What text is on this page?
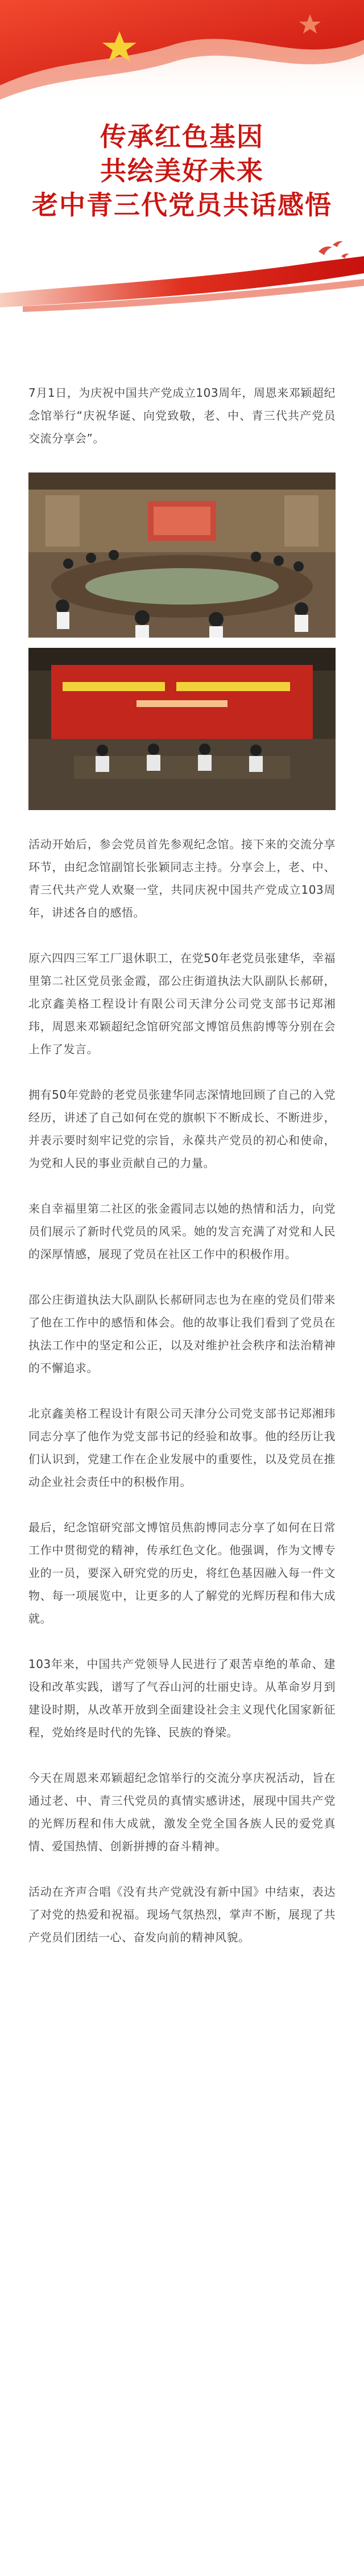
传承红色基因
共绘美好未来
老中青三代党员共话感悟

7月1日，为庆祝中国共产党成立103周年，周恩来邓颖超纪念馆举行“庆祝华诞、向党致敬，老、中、青三代共产党员交流分享会”。

活动开始后，参会党员首先参观纪念馆。接下来的交流分享环节，由纪念馆副馆长张颖同志主持。分享会上，老、中、青三代共产党人欢聚一堂，共同庆祝中国共产党成立103周年，讲述各自的感悟。

原六四四三军工厂退休职工，在党50年老党员张建华，幸福里第二社区党员张金霞，邵公庄街道执法大队副队长郝研，北京鑫美格工程设计有限公司天津分公司党支部书记郑湘玮，周恩来邓颖超纪念馆研究部文博馆员焦韵博等分别在会上作了发言。

拥有50年党龄的老党员张建华同志深情地回顾了自己的入党经历，讲述了自己如何在党的旗帜下不断成长、不断进步，并表示要时刻牢记党的宗旨，永葆共产党员的初心和使命，为党和人民的事业贡献自己的力量。

来自幸福里第二社区的张金霞同志以她的热情和活力，向党员们展示了新时代党员的风采。她的发言充满了对党和人民的深厚情感，展现了党员在社区工作中的积极作用。

邵公庄街道执法大队副队长郝研同志也为在座的党员们带来了他在工作中的感悟和体会。他的故事让我们看到了党员在执法工作中的坚定和公正，以及对维护社会秩序和法治精神的不懈追求。

北京鑫美格工程设计有限公司天津分公司党支部书记郑湘玮同志分享了他作为党支部书记的经验和故事。他的经历让我们认识到，党建工作在企业发展中的重要性，以及党员在推动企业社会责任中的积极作用。

最后，纪念馆研究部文博馆员焦韵博同志分享了如何在日常工作中贯彻党的精神，传承红色文化。他强调，作为文博专业的一员，要深入研究党的历史，将红色基因融入每一件文物、每一项展览中，让更多的人了解党的光辉历程和伟大成就。

103年来，中国共产党领导人民进行了艰苦卓绝的革命、建设和改革实践，谱写了气吞山河的壮丽史诗。从革命岁月到建设时期，从改革开放到全面建设社会主义现代化国家新征程，党始终是时代的先锋、民族的脊梁。

今天在周恩来邓颖超纪念馆举行的交流分享庆祝活动，旨在通过老、中、青三代党员的真情实感讲述，展现中国共产党的光辉历程和伟大成就，激发全党全国各族人民的爱党真情、爱国热情、创新拼搏的奋斗精神。

活动在齐声合唱《没有共产党就没有新中国》中结束，表达了对党的热爱和祝福。现场气氛热烈，掌声不断，展现了共产党员们团结一心、奋发向前的精神风貌。
